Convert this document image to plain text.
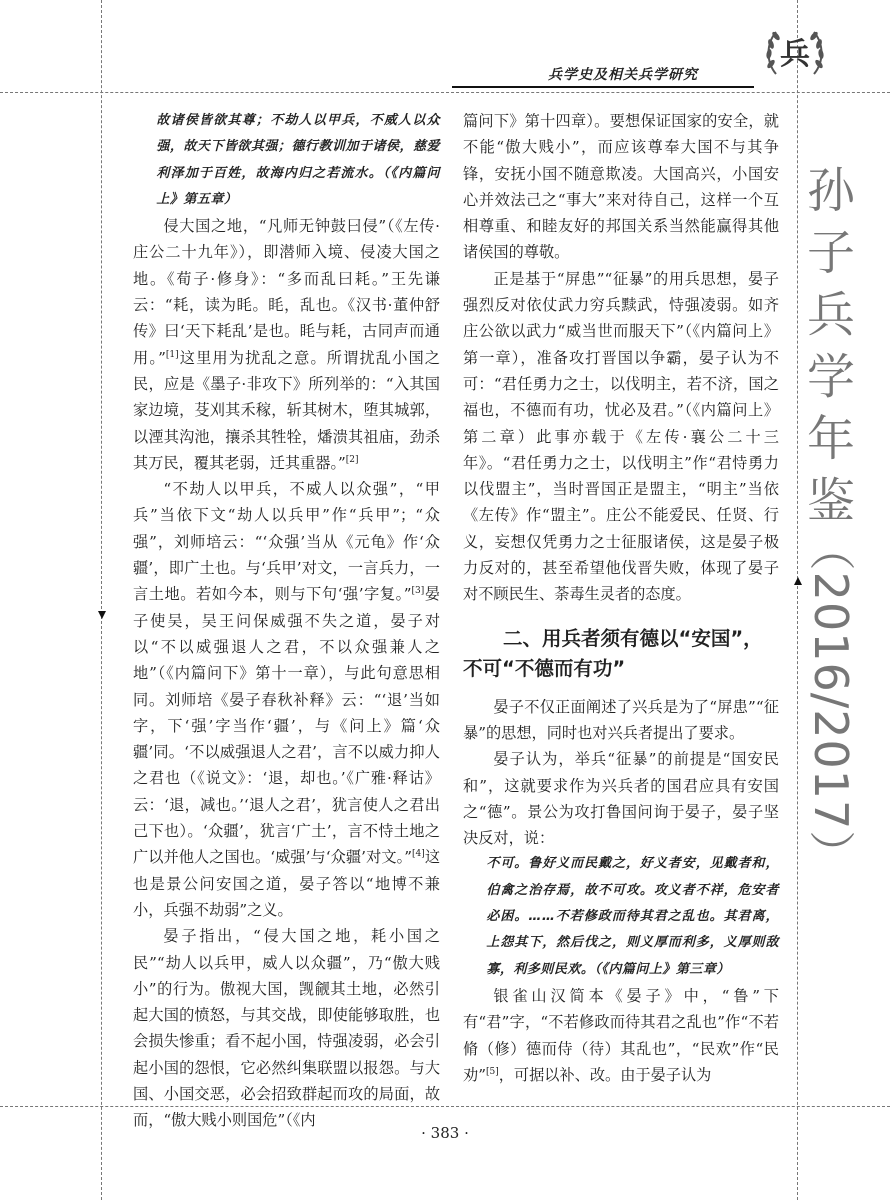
兵学史及相关兵学研究
兵
孙
子
兵
学
年
鉴
（2016/2017）

故诸侯皆欲其尊；不劫人以甲兵，不威人以众强，故天下皆欲其强；德行教训加于诸侯，慈爱利泽加于百姓，故海内归之若流水。（《内篇问上》第五章）

侵大国之地，“凡师无钟鼓曰侵”（《左传·庄公二十九年》），即潜师入境、侵凌大国之地。《荀子·修身》：“多而乱曰耗。”王先谦云：“耗，读为眊。眊，乱也。《汉书·董仲舒传》曰‘天下耗乱’是也。眊与耗，古同声而通用。”[1]这里用为扰乱之意。所谓扰乱小国之民，应是《墨子·非攻下》所列举的：“入其国家边境，芟刈其禾稼，斩其树木，堕其城郭，以湮其沟池，攘杀其牲牷，燔溃其祖庙，劲杀其万民，覆其老弱，迁其重器。”[2]

“不劫人以甲兵，不威人以众强”，“甲兵”当依下文“劫人以兵甲”作“兵甲”；“众强”，刘师培云：“‘众强’当从《元龟》作‘众疆’，即广土也。与‘兵甲’对文，一言兵力，一言土地。若如今本，则与下句‘强’字复。”[3]晏子使吴，吴王问保威强不失之道，晏子对以“不以威强退人之君，不以众强兼人之地”（《内篇问下》第十一章），与此句意思相同。刘师培《晏子春秋补释》云：“‘退’当如字，下‘强’字当作‘疆’，与《问上》篇‘众疆’同。‘不以威强退人之君’，言不以威力抑人之君也（《说文》：‘退，却也。’《广雅·释诂》云：‘退，减也。’‘退人之君’，犹言使人之君出己下也）。‘众疆’，犹言‘广土’，言不恃土地之广以并他人之国也。‘威强’与‘众疆’对文。”[4]这也是景公问安国之道，晏子答以“地博不兼小，兵强不劫弱”之义。

晏子指出，“侵大国之地，耗小国之民”“劫人以兵甲，威人以众疆”，乃“傲大贱小”的行为。傲视大国，觊觎其土地，必然引起大国的愤怒，与其交战，即使能够取胜，也会损失惨重；看不起小国，恃强凌弱，必会引起小国的怨恨，它必然纠集联盟以报怨。与大国、小国交恶，必会招致群起而攻的局面，故而，“傲大贱小则国危”（《内

篇问下》第十四章）。要想保证国家的安全，就不能“傲大贱小”，而应该尊奉大国不与其争锋，安抚小国不随意欺凌。大国高兴，小国安心并效法己之“事大”来对待自己，这样一个互相尊重、和睦友好的邦国关系当然能赢得其他诸侯国的尊敬。

正是基于“屏患”“征暴”的用兵思想，晏子强烈反对依仗武力穷兵黩武，恃强凌弱。如齐庄公欲以武力“威当世而服天下”（《内篇问上》第一章），准备攻打晋国以争霸，晏子认为不可：“君任勇力之士，以伐明主，若不济，国之福也，不德而有功，忧必及君。”（《内篇问上》第二章）此事亦载于《左传·襄公二十三年》。“君任勇力之士，以伐明主”作“君恃勇力以伐盟主”，当时晋国正是盟主，“明主”当依《左传》作“盟主”。庄公不能爱民、任贤、行义，妄想仅凭勇力之士征服诸侯，这是晏子极力反对的，甚至希望他伐晋失败，体现了晏子对不顾民生、荼毒生灵者的态度。

二、用兵者须有德以“安国”，
不可“不德而有功”

晏子不仅正面阐述了兴兵是为了“屏患”“征暴”的思想，同时也对兴兵者提出了要求。

晏子认为，举兵“征暴”的前提是“国安民和”，这就要求作为兴兵者的国君应具有安国之“德”。景公为攻打鲁国问询于晏子，晏子坚决反对，说：

不可。鲁好义而民戴之，好义者安，见戴者和，伯禽之治存焉，故不可攻。攻义者不祥，危安者必困。……不若修政而待其君之乱也。其君离，上怨其下，然后伐之，则义厚而利多，义厚则敌寡，利多则民欢。（《内篇问上》第三章）

银雀山汉简本《晏子》中，“鲁”下有“君”字，“不若修政而待其君之乱也”作“不若脩（修）德而侍（待）其乱也”，“民欢”作“民劝”[5]，可据以补、改。由于晏子认为

· 383 ·
